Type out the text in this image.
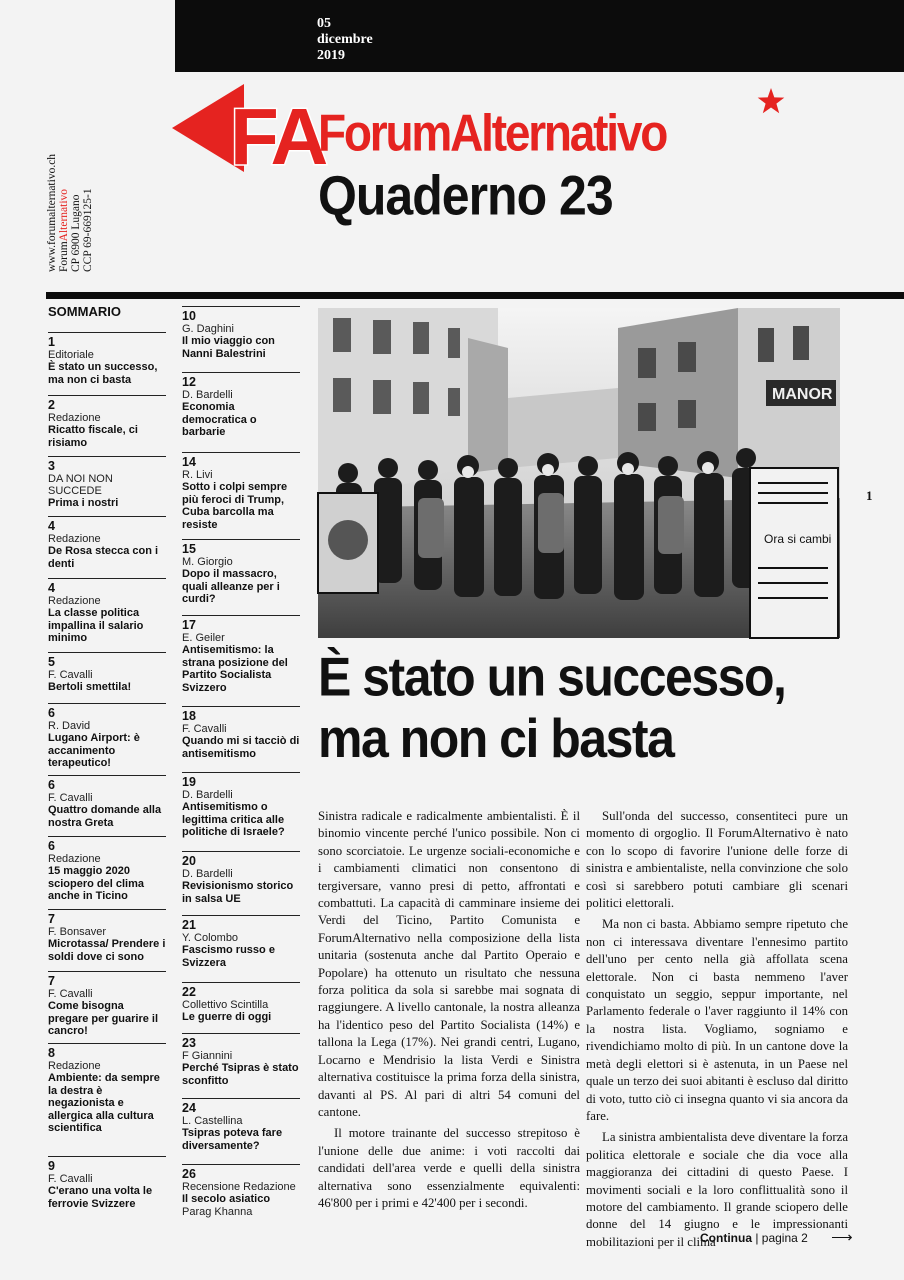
05
dicembre
2019
www.forumalternativo.ch ForumAlternativo CP 6900 Lugano CCP 69-669125-1
FA
ForumAlternativo
Quaderno 23
SOMMARIO
1
Editoriale
È stato un successo, ma non ci basta
2
Redazione
Ricatto fiscale, ci risiamo
3
DA NOI NON SUCCEDE
Prima i nostri
4
Redazione
De Rosa stecca con i denti
4
Redazione
La classe politica impallina il salario minimo
5
F. Cavalli
Bertoli smettila!
6
R. David
Lugano Airport: è accanimento terapeutico!
6
F. Cavalli
Quattro domande alla nostra Greta
6
Redazione
15 maggio 2020 sciopero del clima anche in Ticino
7
F. Bonsaver
Microtassa/ Prendere i soldi dove ci sono
7
F. Cavalli
Come bisogna pregare per guarire il cancro!
8
Redazione
Ambiente: da sempre la destra è negazionista e allergica alla cultura scientifica
9
F. Cavalli
C'erano una volta le ferrovie Svizzere
10
G. Daghini
Il mio viaggio con Nanni Balestrini
12
D. Bardelli
Economia democratica o barbarie
14
R. Livi
Sotto i colpi sempre più feroci di Trump, Cuba barcolla ma resiste
15
M. Giorgio
Dopo il massacro, quali alleanze per i curdi?
17
E. Geiler
Antisemitismo: la strana posizione del Partito Socialista Svizzero
18
F. Cavalli
Quando mi si tacciò di antisemitismo
19
D. Bardelli
Antisemitismo o legittima critica alle politiche di Israele?
20
D. Bardelli
Revisionismo storico in salsa UE
21
Y. Colombo
Fascismo russo e Svizzera
22
Collettivo Scintilla
Le guerre di oggi
23
F Giannini
Perché Tsipras è stato sconfitto
24
L. Castellina
Tsipras poteva fare diversamente?
26
Recensione Redazione
Il secolo asiatico
Parag Khanna
MANOR
Ora si cambi
1
È stato un successo, ma non ci basta

Sinistra radicale e radicalmente ambientalisti. È il binomio vincente perché l'unico possibile. Non ci sono scorciatoie. Le urgenze sociali-economiche e i cambiamenti climatici non consentono di tergiversare, vanno presi di petto, affrontati e combattuti. La capacità di camminare insieme dei Verdi del Ticino, Partito Comunista e ForumAlternativo nella composizione della lista unitaria (sostenuta anche dal Partito Operaio e Popolare) ha ottenuto un risultato che nessuna forza politica da sola si sarebbe mai sognata di raggiungere. A livello cantonale, la nostra alleanza ha l'identico peso del Partito Socialista (14%) e tallona la Lega (17%). Nei grandi centri, Lugano, Locarno e Mendrisio la lista Verdi e Sinistra alternativa costituisce la prima forza della sinistra, davanti al PS. Al pari di altri 54 comuni del cantone.

Il motore trainante del successo strepitoso è l'unione delle due anime: i voti raccolti dai candidati dell'area verde e quelli della sinistra alternativa sono essenzialmente equivalenti: 46'800 per i primi e 42'400 per i secondi.

Sull'onda del successo, consentiteci pure un momento di orgoglio. Il ForumAlternativo è nato con lo scopo di favorire l'unione delle forze di sinistra e ambientaliste, nella convinzione che solo così si sarebbero potuti cambiare gli scenari politici elettorali.

Ma non ci basta. Abbiamo sempre ripetuto che non ci interessava diventare l'ennesimo partito dell'uno per cento nella già affollata scena elettorale. Non ci basta nemmeno l'aver conquistato un seggio, seppur importante, nel Parlamento federale o l'aver raggiunto il 14% con la nostra lista. Vogliamo, sogniamo e rivendichiamo molto di più. In un cantone dove la metà degli elettori si è astenuta, in un Paese nel quale un terzo dei suoi abitanti è escluso dal diritto di voto, tutto ciò ci insegna quanto vi sia ancora da fare.

La sinistra ambientalista deve diventare la forza politica elettorale e sociale che dia voce alla maggioranza dei cittadini di questo Paese. I movimenti sociali e la loro conflittualità sono il motore del cambiamento. Il grande sciopero delle donne del 14 giugno e le impressionanti mobilitazioni per il clima

Continua | pagina 2 ⟶
